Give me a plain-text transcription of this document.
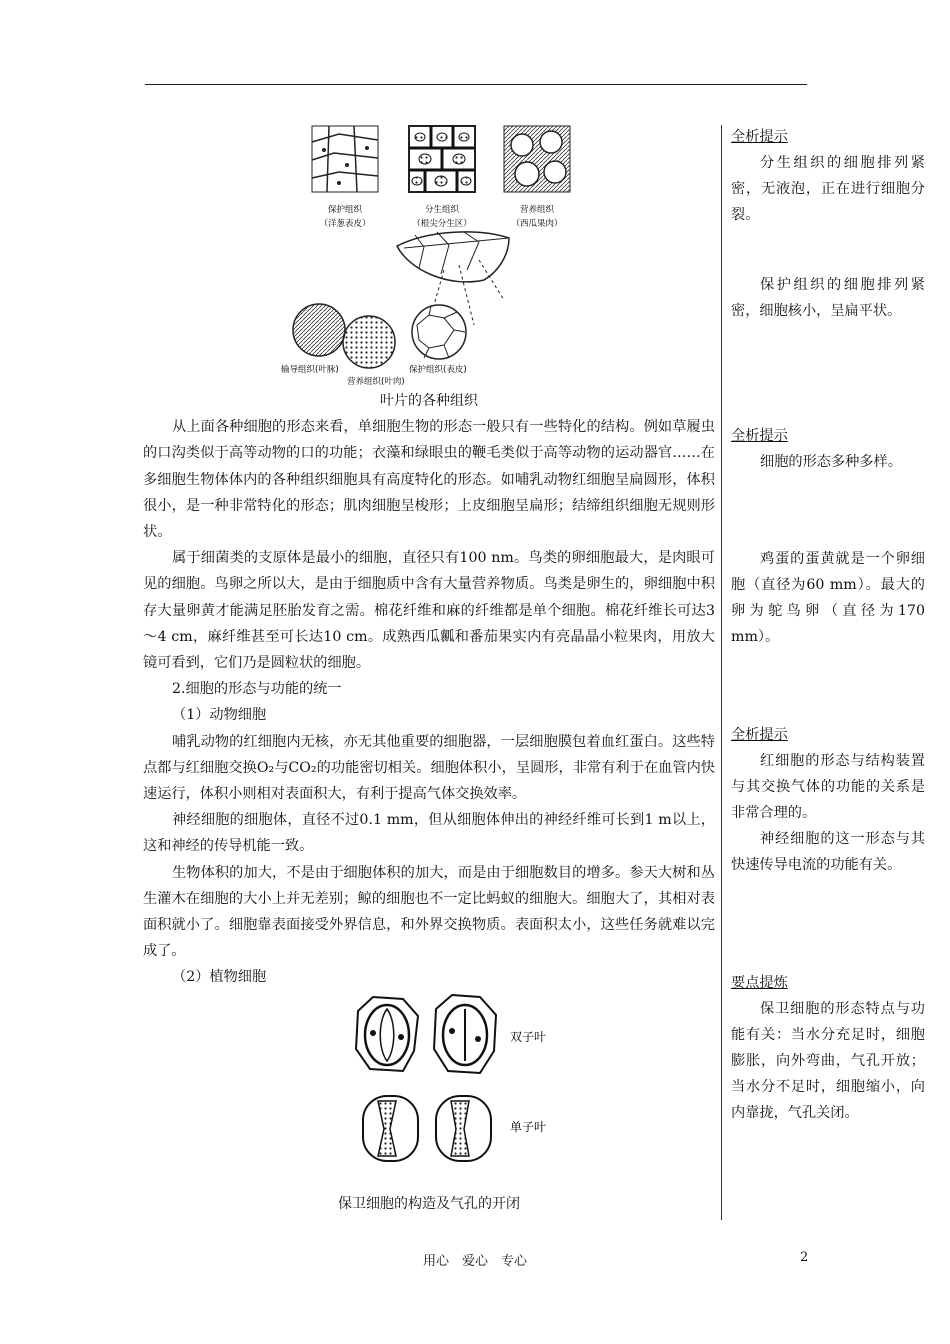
保护组织
（洋葱表皮）
分生组织
（根尖分生区）
营养组织
（西瓜果肉）
输导组织(叶脉)
营养组织(叶肉)
保护组织(表皮)

叶片的各种组织

从上面各种细胞的形态来看，单细胞生物的形态一般只有一些特化的结构。例如草履虫的口沟类似于高等动物的口的功能；衣藻和绿眼虫的鞭毛类似于高等动物的运动器官……在多细胞生物体体内的各种组织细胞具有高度特化的形态。如哺乳动物红细胞呈扁圆形，体积很小，是一种非常特化的形态；肌肉细胞呈梭形；上皮细胞呈扁形；结缔组织细胞无规则形状。

属于细菌类的支原体是最小的细胞，直径只有100 nm。鸟类的卵细胞最大，是肉眼可见的细胞。鸟卵之所以大，是由于细胞质中含有大量营养物质。鸟类是卵生的，卵细胞中积存大量卵黄才能满足胚胎发育之需。棉花纤维和麻的纤维都是单个细胞。棉花纤维长可达3～4 cm，麻纤维甚至可长达10 cm。成熟西瓜瓤和番茄果实内有亮晶晶小粒果肉，用放大镜可看到，它们乃是圆粒状的细胞。

2.细胞的形态与功能的统一

（1）动物细胞

哺乳动物的红细胞内无核，亦无其他重要的细胞器，一层细胞膜包着血红蛋白。这些特点都与红细胞交换O₂与CO₂的功能密切相关。细胞体积小，呈圆形，非常有利于在血管内快速运行，体积小则相对表面积大，有利于提高气体交换效率。

神经细胞的细胞体，直径不过0.1 mm，但从细胞体伸出的神经纤维可长到1 m以上，这和神经的传导机能一致。

生物体积的加大，不是由于细胞体积的加大，而是由于细胞数目的增多。参天大树和丛生灌木在细胞的大小上并无差别；鲸的细胞也不一定比蚂蚁的细胞大。细胞大了，其相对表面积就小了。细胞靠表面接受外界信息，和外界交换物质。表面积太小，这些任务就难以完成了。

（2）植物细胞

双子叶
单子叶

保卫细胞的构造及气孔的开闭

全析提示

分生组织的细胞排列紧密，无液泡，正在进行细胞分裂。

保护组织的细胞排列紧密，细胞核小，呈扁平状。

全析提示

细胞的形态多种多样。

鸡蛋的蛋黄就是一个卵细胞（直径为60 mm）。最大的卵为鸵鸟卵（直径为170 mm）。

全析提示

红细胞的形态与结构装置与其交换气体的功能的关系是非常合理的。

神经细胞的这一形态与其快速传导电流的功能有关。

要点提炼

保卫细胞的形态特点与功能有关：当水分充足时，细胞膨胀，向外弯曲，气孔开放；当水分不足时，细胞缩小，向内靠拢，气孔关闭。

用心　爱心　专心	2
